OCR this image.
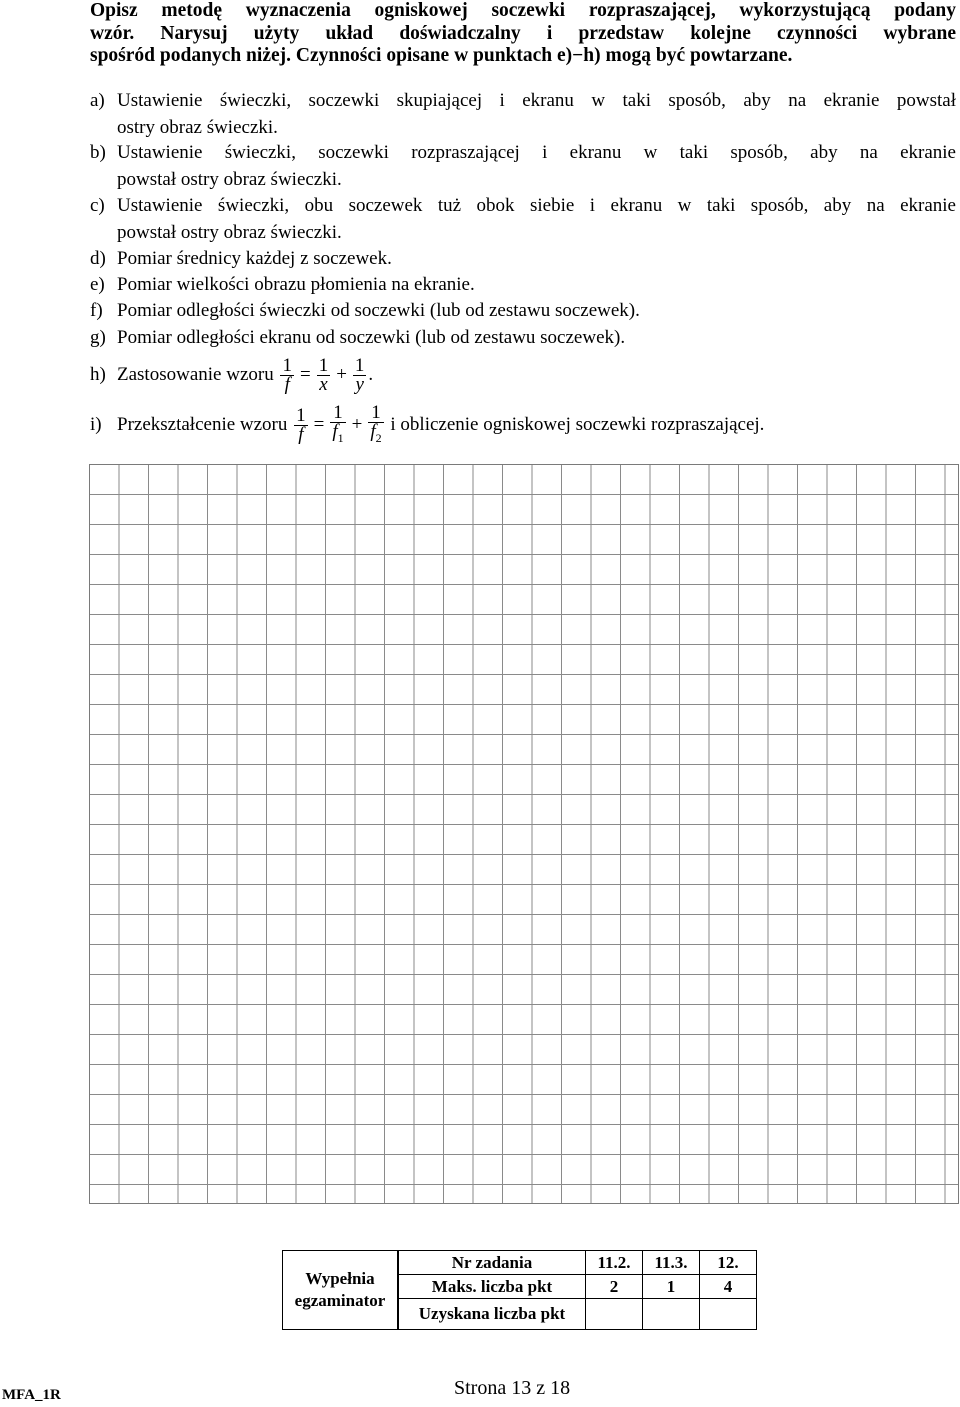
Opisz metodę wyznaczenia ogniskowej soczewki rozpraszającej, wykorzystującą podany
wzór. Narysuj użyty układ doświadczalny i przedstaw kolejne czynności wybrane
spośród podanych niżej. Czynności opisane w punktach e)−h) mogą być powtarzane.
a) Ustawienie świeczki, soczewki skupiającej i ekranu w taki sposób, aby na ekranie powstał
ostry obraz świeczki.
b) Ustawienie świeczki, soczewki rozpraszającej i ekranu w taki sposób, aby na ekranie
powstał ostry obraz świeczki.
c) Ustawienie świeczki, obu soczewek tuż obok siebie i ekranu w taki sposób, aby na ekranie
powstał ostry obraz świeczki.
d) Pomiar średnicy każdej z soczewek.
e) Pomiar wielkości obrazu płomienia na ekranie.
f) Pomiar odległości świeczki od soczewki (lub od zestawu soczewek).
g) Pomiar odległości ekranu od soczewki (lub od zestawu soczewek).
h) Zastosowanie wzoru $\frac{1}{f} = \frac{1}{x} + \frac{1}{y}$ .
i) Przekształcenie wzoru $\frac{1}{f} = \frac{1}{f_1} + \frac{1}{f_2}$ i obliczenie ogniskowej soczewki rozpraszającej.
Wypełnia
egzaminator		Nr zadania	11.2.	11.3.	12.
	Maks. liczba pkt	2	1	4
	Uzyskana liczba pkt			
MFA_1R	Strona 13 z 18
